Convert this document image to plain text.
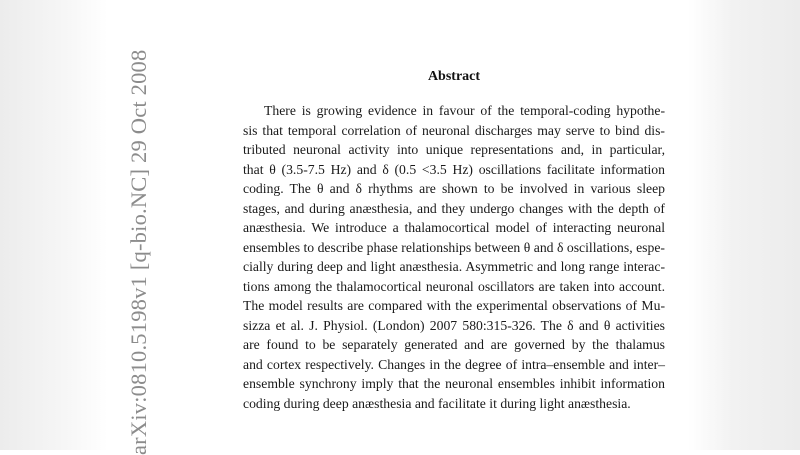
arXiv:0810.5198v1 [q-bio.NC] 29 Oct 2008	Abstract
There is growing evidence in favour of the temporal-coding hypothe-
sis that temporal correlation of neuronal discharges may serve to bind dis-
tributed neuronal activity into unique representations and, in particular,
that θ (3.5-7.5 Hz) and δ (0.5 <3.5 Hz) oscillations facilitate information
coding. The θ and δ rhythms are shown to be involved in various sleep
stages, and during anæsthesia, and they undergo changes with the depth of
anæsthesia. We introduce a thalamocortical model of interacting neuronal
ensembles to describe phase relationships between θ and δ oscillations, espe-
cially during deep and light anæsthesia. Asymmetric and long range interac-
tions among the thalamocortical neuronal oscillators are taken into account.
The model results are compared with the experimental observations of Mu-
sizza et al. J. Physiol. (London) 2007 580:315-326. The δ and θ activities
are found to be separately generated and are governed by the thalamus
and cortex respectively. Changes in the degree of intra–ensemble and inter–
ensemble synchrony imply that the neuronal ensembles inhibit information
coding during deep anæsthesia and facilitate it during light anæsthesia.
